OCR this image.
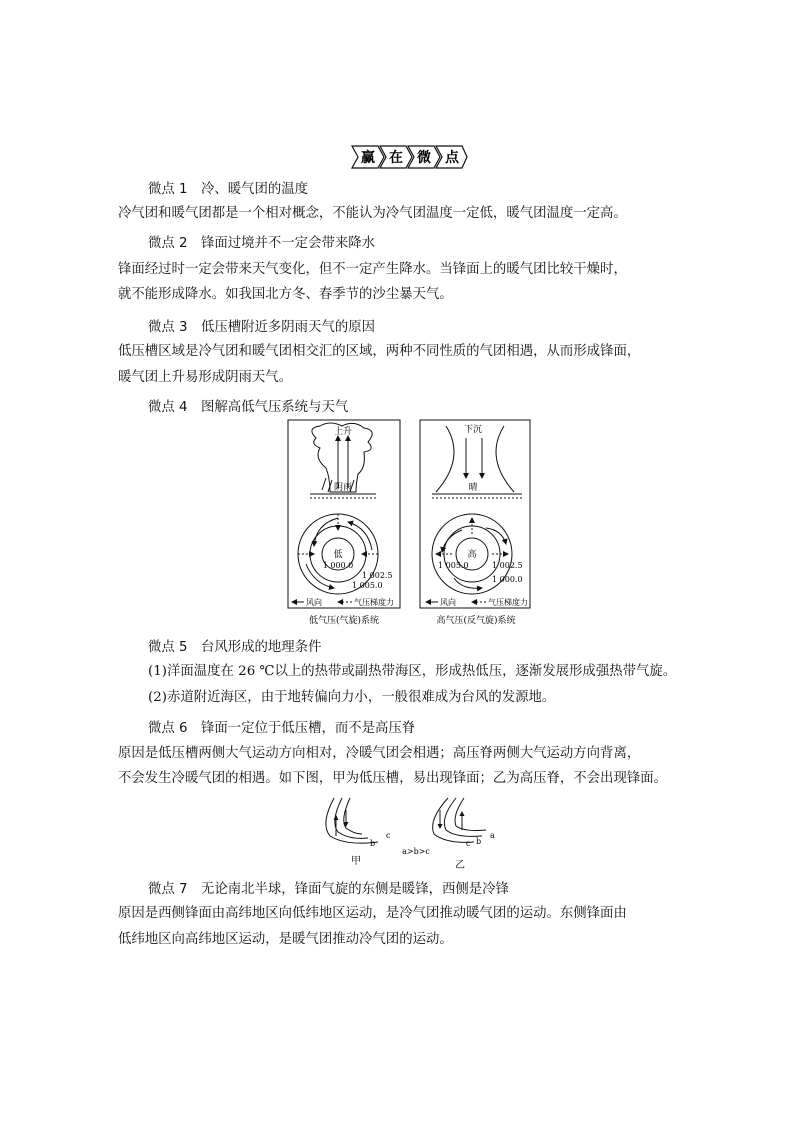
赢 在 微 点
微点 1　冷、暖气团的温度
冷气团和暖气团都是一个相对概念，不能认为冷气团温度一定低，暖气团温度一定高。
微点 2　锋面过境并不一定会带来降水
锋面经过时一定会带来天气变化，但不一定产生降水。当锋面上的暖气团比较干燥时，
就不能形成降水。如我国北方冬、春季节的沙尘暴天气。
微点 3　低压槽附近多阴雨天气的原因
低压槽区域是冷气团和暖气团相交汇的区域，两种不同性质的气团相遇，从而形成锋面，
暖气团上升易形成阴雨天气。
微点 4　图解高低气压系统与天气
上升
阴雨
下沉
晴
低
1 000.0
1 002.5
1 005.0
高
1 005.0	1 002.5
1 000.0
风向	气压梯度力	风向	气压梯度力
低气压(气旋)系统	高气压(反气旋)系统
微点 5　台风形成的地理条件
(1)洋面温度在 26 ℃以上的热带或副热带海区，形成热低压，逐渐发展形成强热带气旋。
(2)赤道附近海区，由于地转偏向力小，一般很难成为台风的发源地。
微点 6　锋面一定位于低压槽，而不是高压脊
原因是低压槽两侧大气运动方向相对，冷暖气团会相遇；高压脊两侧大气运动方向背离，
不会发生冷暖气团的相遇。如下图，甲为低压槽，易出现锋面；乙为高压脊，不会出现锋面。
b
c
甲
c b
a
乙
a>b>c
微点 7　无论南北半球，锋面气旋的东侧是暖锋，西侧是冷锋
原因是西侧锋面由高纬地区向低纬地区运动，是冷气团推动暖气团的运动。东侧锋面由
低纬地区向高纬地区运动，是暖气团推动冷气团的运动。
